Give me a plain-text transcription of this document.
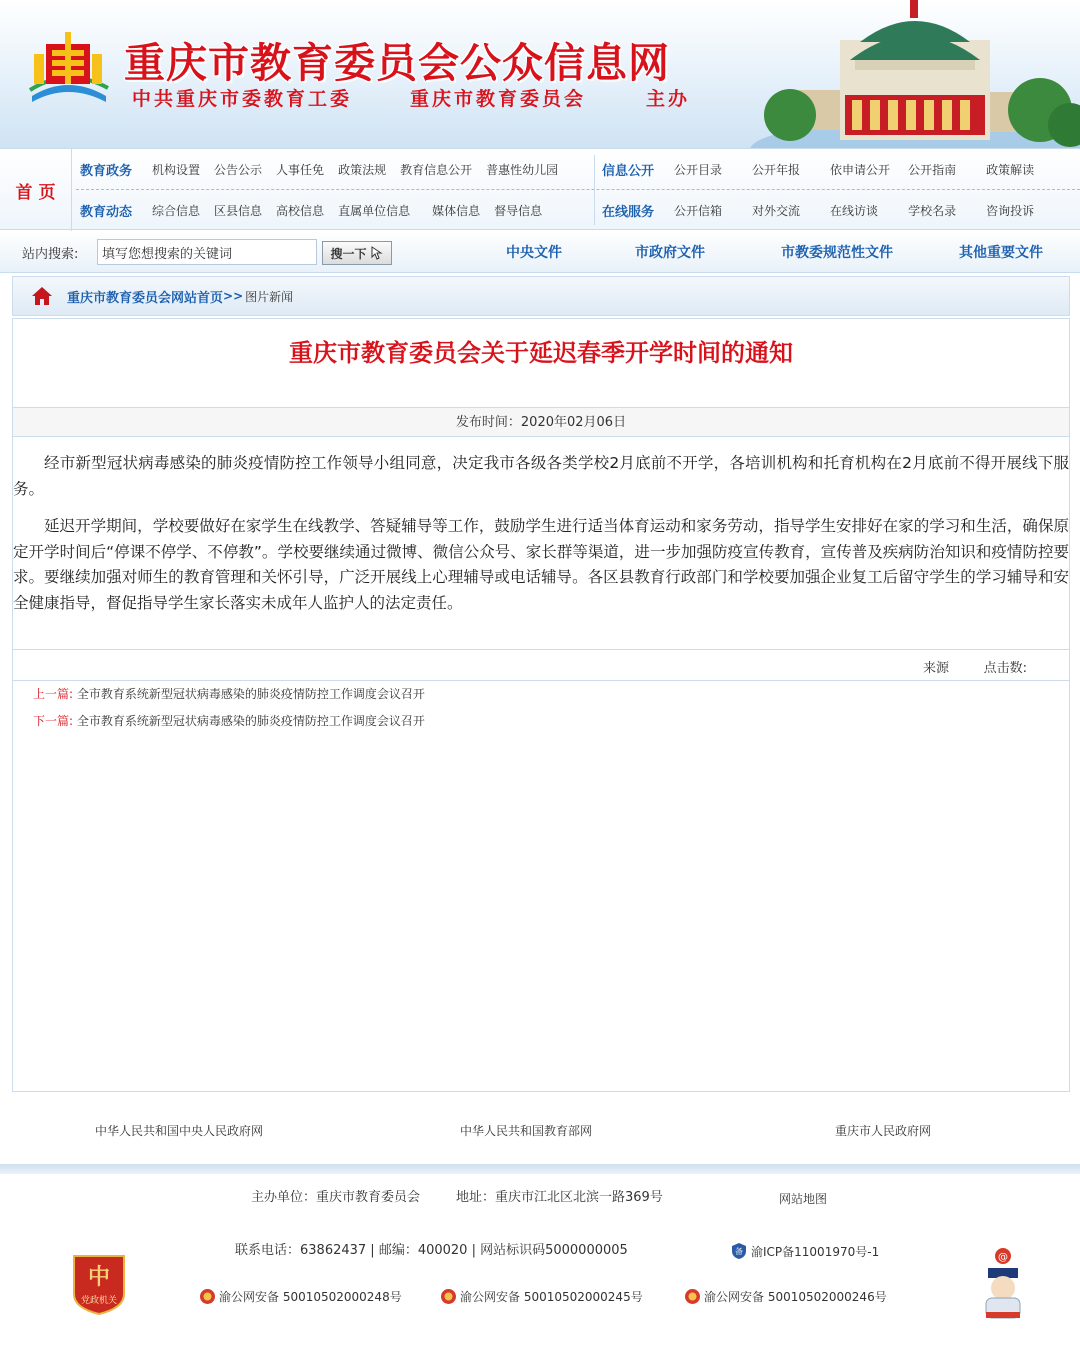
重庆市教育委员会公众信息网
中共重庆市委教育工委	重庆市教育委员会	主办
首 页
教育政务 机构设置 公告公示 人事任免 政策法规 教育信息公开 普惠性幼儿园	信息公开 公开目录	公开年报	依申请公开 公开指南	政策解读
教育动态 综合信息 区县信息 高校信息 直属单位信息 媒体信息 督导信息	在线服务 公开信箱	对外交流	在线访谈	学校名录	咨询投诉
站内搜索:
填写您想搜索的关键词	搜一下	中央文件	市政府文件	市教委规范性文件	其他重要文件
重庆市教育委员会网站首页 >> 图片新闻
重庆市教育委员会关于延迟春季开学时间的通知
发布时间：2020年02月06日

经市新型冠状病毒感染的肺炎疫情防控工作领导小组同意，决定我市各级各类学校2月底前不开学，各培训机构和托育机构在2月底前不得开展线下服务。

延迟开学期间，学校要做好在家学生在线教学、答疑辅导等工作，鼓励学生进行适当体育运动和家务劳动，指导学生安排好在家的学习和生活，确保原定开学时间后“停课不停学、不停教”。学校要继续通过微博、微信公众号、家长群等渠道，进一步加强防疫宣传教育，宣传普及疾病防治知识和疫情防控要求。要继续加强对师生的教育管理和关怀引导，广泛开展线上心理辅导或电话辅导。各区县教育行政部门和学校要加强企业复工后留守学生的学习辅导和安全健康指导，督促指导学生家长落实未成年人监护人的法定责任。

来源	点击数:
上一篇: 全市教育系统新型冠状病毒感染的肺炎疫情防控工作调度会议召开
下一篇: 全市教育系统新型冠状病毒感染的肺炎疫情防控工作调度会议召开
中华人民共和国中央人民政府网	中华人民共和国教育部网	重庆市人民政府网
主办单位：重庆市教育委员会	地址：重庆市江北区北滨一路369号	网站地图
联系电话：63862437 | 邮编：400020 | 网站标识码5000000005	备 渝ICP备11001970号-1
中
党政机关	渝公网安备 50010502000248号	渝公网安备 50010502000245号	渝公网安备 50010502000246号
@
